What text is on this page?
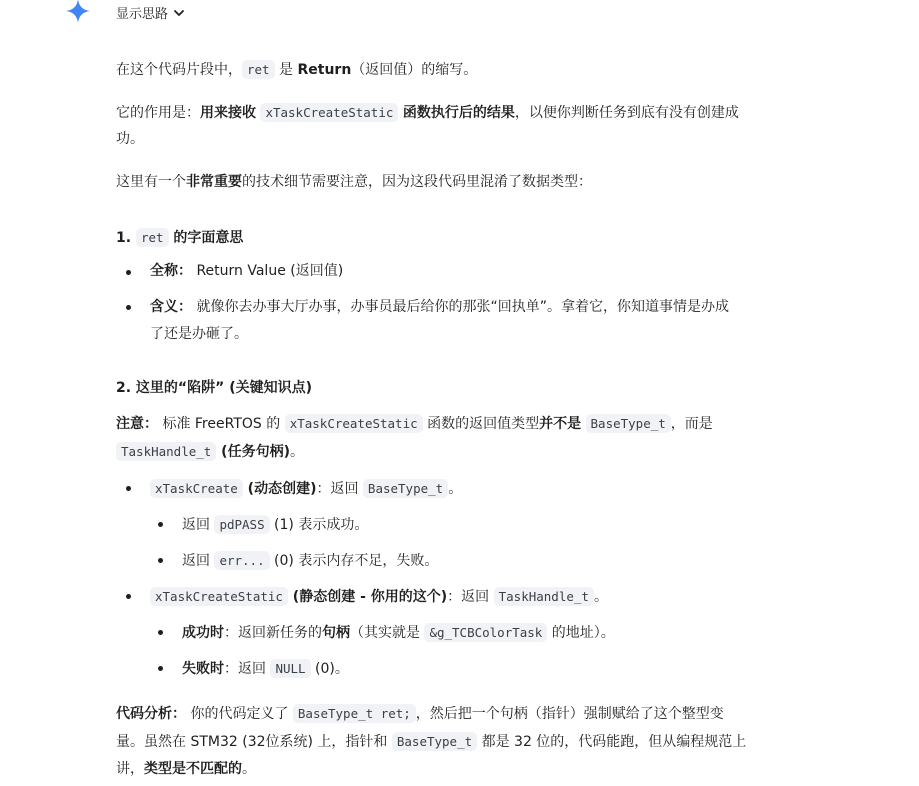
显示思路

在这个代码片段中， ret 是 Return（返回值）的缩写。

它的作用是：用来接收 xTaskCreateStatic 函数执行后的结果，以便你判断任务到底有没有创建成

功。

这里有一个非常重要的技术细节需要注意，因为这段代码里混淆了数据类型：

1. ret 的字面意思

全称： Return Value (返回值)

含义： 就像你去办事大厅办事，办事员最后给你的那张“回执单”。拿着它，你知道事情是办成

了还是办砸了。

2. 这里的“陷阱” (关键知识点)

注意： 标准 FreeRTOS 的 xTaskCreateStatic 函数的返回值类型并不是 BaseType_t ，而是

TaskHandle_t (任务句柄)。

xTaskCreate (动态创建)：返回 BaseType_t 。

返回 pdPASS (1) 表示成功。

返回 err... (0) 表示内存不足，失败。

xTaskCreateStatic (静态创建 - 你用的这个)：返回 TaskHandle_t 。

成功时：返回新任务的句柄（其实就是 &g_TCBColorTask 的地址）。

失败时：返回 NULL (0)。

代码分析： 你的代码定义了 BaseType_t ret; ，然后把一个句柄（指针）强制赋给了这个整型变

量。虽然在 STM32 (32位系统) 上，指针和 BaseType_t 都是 32 位的，代码能跑，但从编程规范上

讲，类型是不匹配的。
